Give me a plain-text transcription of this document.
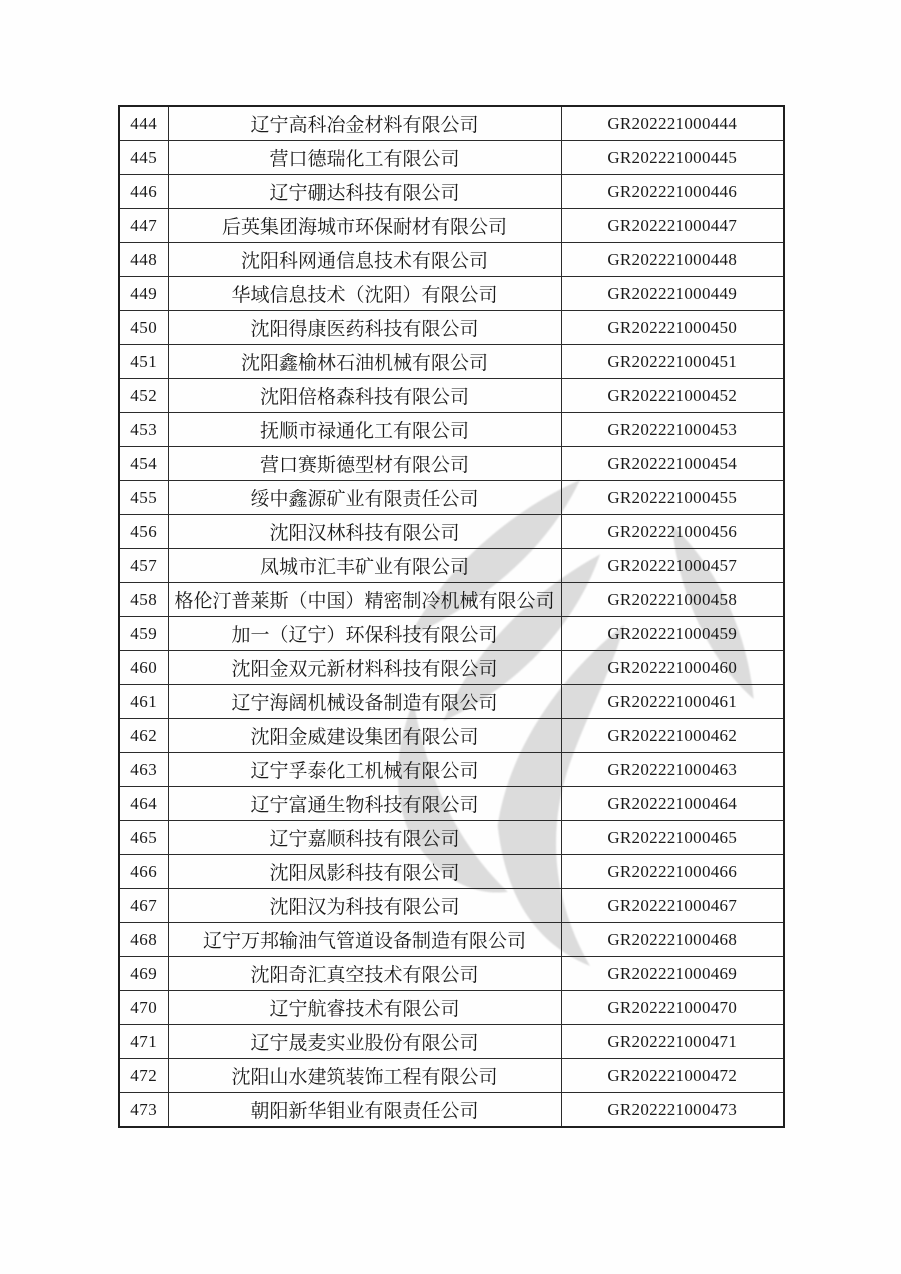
444	辽宁高科冶金材料有限公司	GR202221000444
445	营口德瑞化工有限公司	GR202221000445
446	辽宁硼达科技有限公司	GR202221000446
447	后英集团海城市环保耐材有限公司	GR202221000447
448	沈阳科网通信息技术有限公司	GR202221000448
449	华域信息技术（沈阳）有限公司	GR202221000449
450	沈阳得康医药科技有限公司	GR202221000450
451	沈阳鑫榆林石油机械有限公司	GR202221000451
452	沈阳倍格森科技有限公司	GR202221000452
453	抚顺市禄通化工有限公司	GR202221000453
454	营口赛斯德型材有限公司	GR202221000454
455	绥中鑫源矿业有限责任公司	GR202221000455
456	沈阳汉林科技有限公司	GR202221000456
457	凤城市汇丰矿业有限公司	GR202221000457
458	格伦汀普莱斯（中国）精密制冷机械有限公司	GR202221000458
459	加一（辽宁）环保科技有限公司	GR202221000459
460	沈阳金双元新材料科技有限公司	GR202221000460
461	辽宁海阔机械设备制造有限公司	GR202221000461
462	沈阳金威建设集团有限公司	GR202221000462
463	辽宁孚泰化工机械有限公司	GR202221000463
464	辽宁富通生物科技有限公司	GR202221000464
465	辽宁嘉顺科技有限公司	GR202221000465
466	沈阳凤影科技有限公司	GR202221000466
467	沈阳汉为科技有限公司	GR202221000467
468	辽宁万邦输油气管道设备制造有限公司	GR202221000468
469	沈阳奇汇真空技术有限公司	GR202221000469
470	辽宁航睿技术有限公司	GR202221000470
471	辽宁晟麦实业股份有限公司	GR202221000471
472	沈阳山水建筑装饰工程有限公司	GR202221000472
473	朝阳新华钼业有限责任公司	GR202221000473
